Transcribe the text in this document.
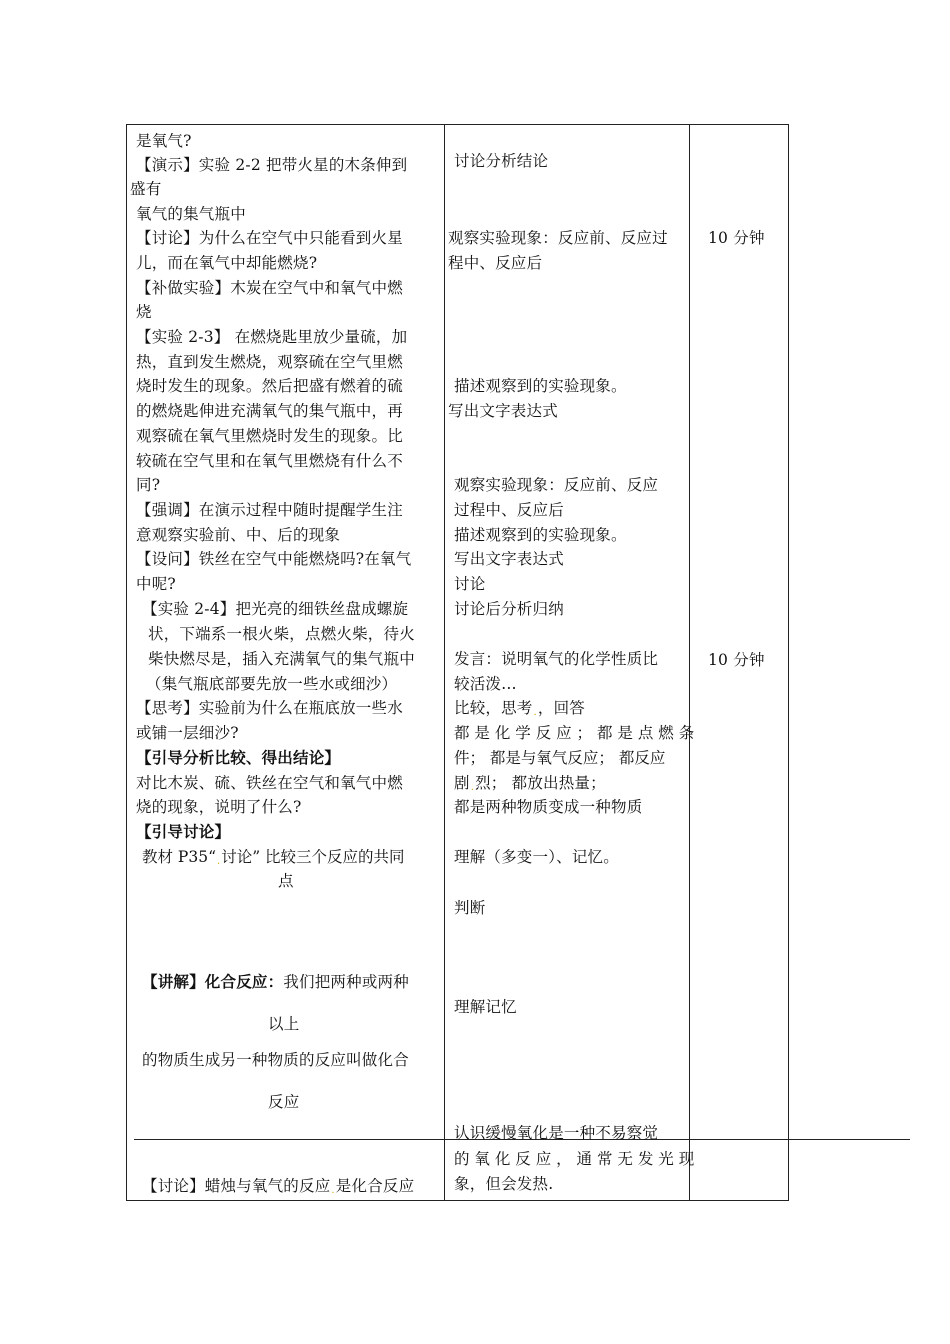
是氧气?
【演示】实验 2-2 把带火星的木条伸到
盛有
氧气的集气瓶中
【讨论】为什么在空气中只能看到火星
儿，而在氧气中却能燃烧?
【补做实验】木炭在空气中和氧气中燃
烧
【实验 2-3】 在燃烧匙里放少量硫，加
热，直到发生燃烧，观察硫在空气里燃
烧时发生的现象。然后把盛有燃着的硫
的燃烧匙伸进充满氧气的集气瓶中，再
观察硫在氧气里燃烧时发生的现象。比
较硫在空气里和在氧气里燃烧有什么不
同?
【强调】在演示过程中随时提醒学生注
意观察实验前、中、后的现象
【设问】铁丝在空气中能燃烧吗?在氧气
中呢?
【实验 2-4】把光亮的细铁丝盘成螺旋
状，下端系一根火柴，点燃火柴，待火
柴快燃尽是，插入充满氧气的集气瓶中
（集气瓶底部要先放一些水或细沙）
【思考】实验前为什么在瓶底放一些水
或铺一层细沙?
【引导分析比较、得出结论】
对比木炭、硫、铁丝在空气和氧气中燃
烧的现象，说明了什么?
【引导讨论】
教材 P35“.讨论” 比较三个反应的共同
点
【讲解】化合反应：我们把两种或两种
以上
的物质生成另一种物质的反应叫做化合
反应
【讨论】蜡烛与氧气的反应.是化合反应
讨论分析结论
观察实验现象：反应前、反应过
程中、反应后
描述观察到的实验现象。
写出文字表达式
观察实验现象：反应前、反应
过程中、反应后
描述观察到的实验现象。
写出文字表达式
讨论
讨论后分析归纳
发言：说明氧气的化学性质比
较活泼…
比较，思考.，回答
都 是 化 学 反 应 ； 都 是 点 燃 条
件； 都是与氧气反应； 都反应
剧.烈； 都放出热量；
都是两种物质变成一种物质
理解（多变一）、记忆。
判断
理解记忆
认识缓慢氧化是一种不易察觉
的 氧 化 反 应 ， 通 常 无 发 光 现
象，但会发热.
10 分钟
10 分钟
